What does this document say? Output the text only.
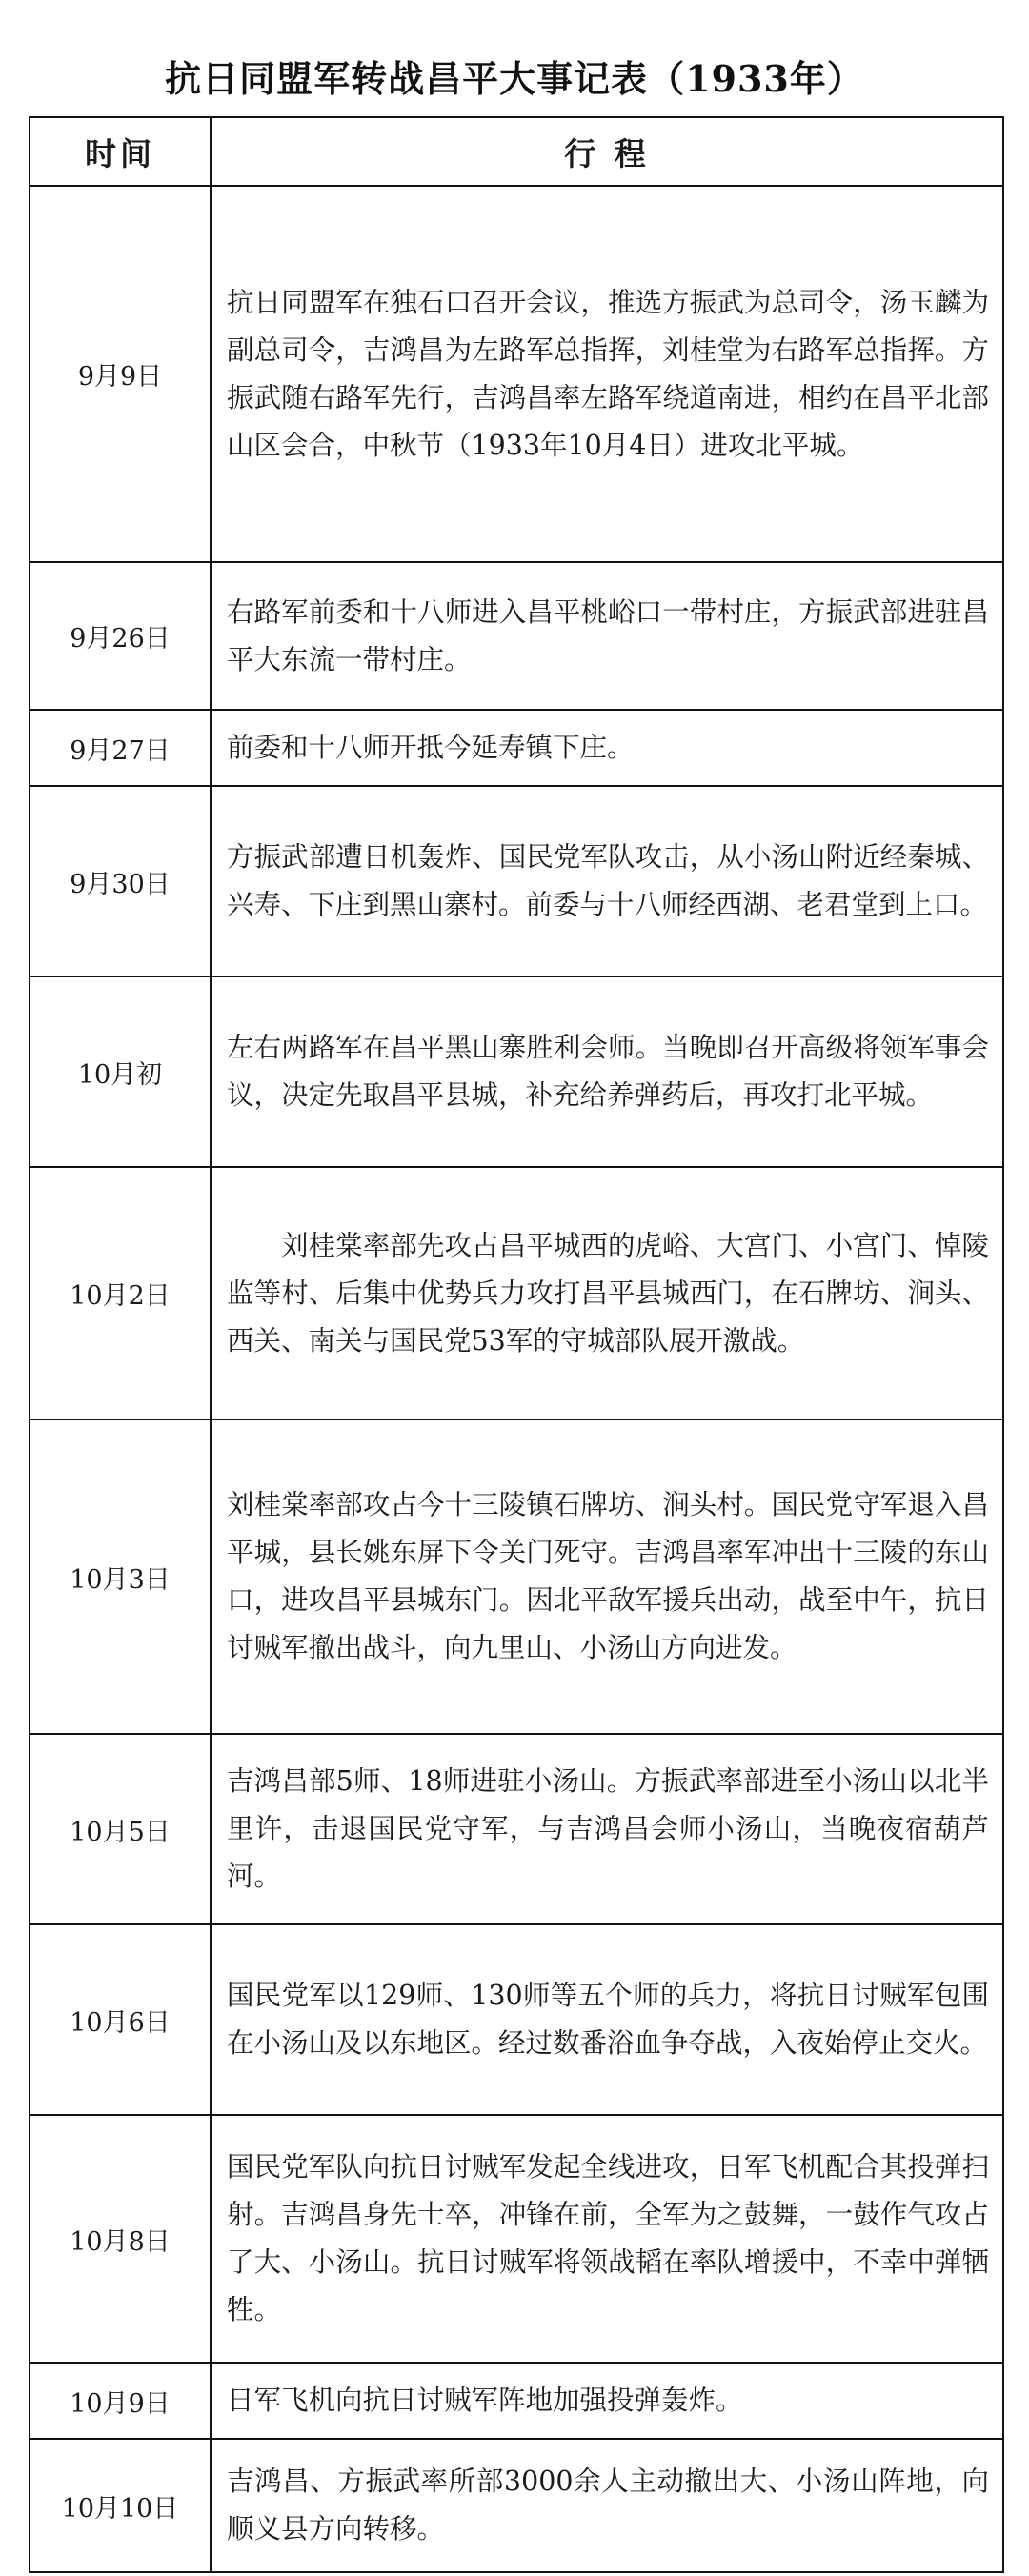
抗日同盟军转战昌平大事记表（1933年）
时间	行 程
9月9日	抗日同盟军在独石口召开会议，推选方振武为总司令，汤玉麟为副总司令，吉鸿昌为左路军总指挥，刘桂堂为右路军总指挥。方振武随右路军先行，吉鸿昌率左路军绕道南进，相约在昌平北部山区会合，中秋节（1933年10月4日）进攻北平城。
9月26日	右路军前委和十八师进入昌平桃峪口一带村庄，方振武部进驻昌平大东流一带村庄。
9月27日	前委和十八师开抵今延寿镇下庄。
9月30日	方振武部遭日机轰炸、国民党军队攻击，从小汤山附近经秦城、兴寿、下庄到黑山寨村。前委与十八师经西湖、老君堂到上口。
10月初	左右两路军在昌平黑山寨胜利会师。当晚即召开高级将领军事会议，决定先取昌平县城，补充给养弹药后，再攻打北平城。
10月2日	刘桂棠率部先攻占昌平城西的虎峪、大宫门、小宫门、悼陵监等村、后集中优势兵力攻打昌平县城西门，在石牌坊、涧头、西关、南关与国民党53军的守城部队展开激战。
10月3日	刘桂棠率部攻占今十三陵镇石牌坊、涧头村。国民党守军退入昌平城，县长姚东屏下令关门死守。吉鸿昌率军冲出十三陵的东山口，进攻昌平县城东门。因北平敌军援兵出动，战至中午，抗日讨贼军撤出战斗，向九里山、小汤山方向进发。
10月5日	吉鸿昌部5师、18师进驻小汤山。方振武率部进至小汤山以北半里许，击退国民党守军，与吉鸿昌会师小汤山，当晚夜宿葫芦河。
10月6日	国民党军以129师、130师等五个师的兵力，将抗日讨贼军包围在小汤山及以东地区。经过数番浴血争夺战，入夜始停止交火。
10月8日	国民党军队向抗日讨贼军发起全线进攻，日军飞机配合其投弹扫射。吉鸿昌身先士卒，冲锋在前，全军为之鼓舞，一鼓作气攻占了大、小汤山。抗日讨贼军将领战韬在率队增援中，不幸中弹牺牲。
10月9日	日军飞机向抗日讨贼军阵地加强投弹轰炸。
10月10日	吉鸿昌、方振武率所部3000余人主动撤出大、小汤山阵地，向顺义县方向转移。
